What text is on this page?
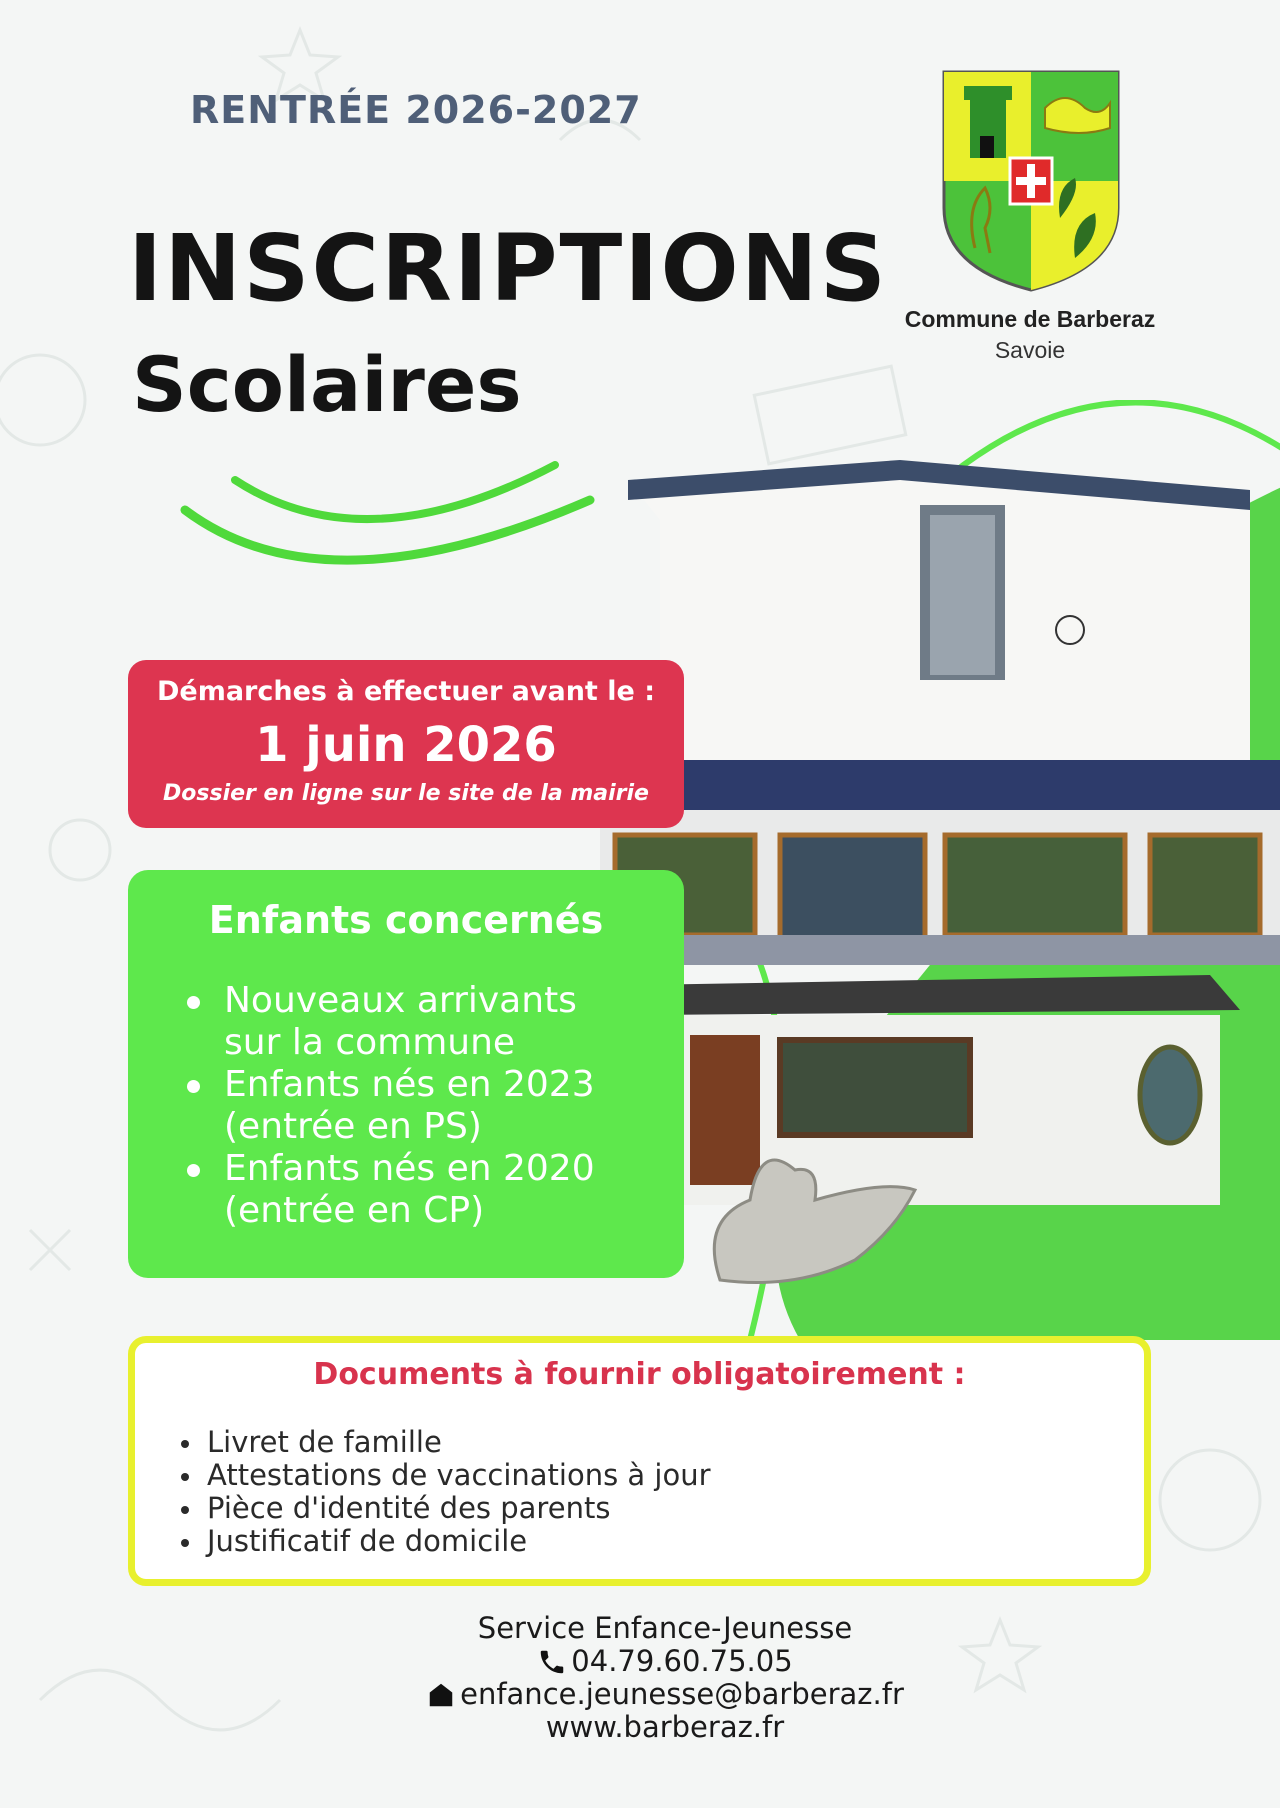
RENTRÉE 2026-2027
INSCRIPTIONS
Scolaires
Commune de Barberaz
Savoie
Démarches à effectuer avant le :
1 juin 2026
Dossier en ligne sur le site de la mairie
Enfants concernés
Nouveaux arrivants
sur la commune
Enfants nés en 2023
(entrée en PS)
Enfants nés en 2020
(entrée en CP)
Documents à fournir obligatoirement :
Livret de famille
Attestations de vaccinations à jour
Pièce d'identité des parents
Justificatif de domicile
Service Enfance-Jeunesse
04.79.60.75.05
enfance.jeunesse@barberaz.fr
www.barberaz.fr
